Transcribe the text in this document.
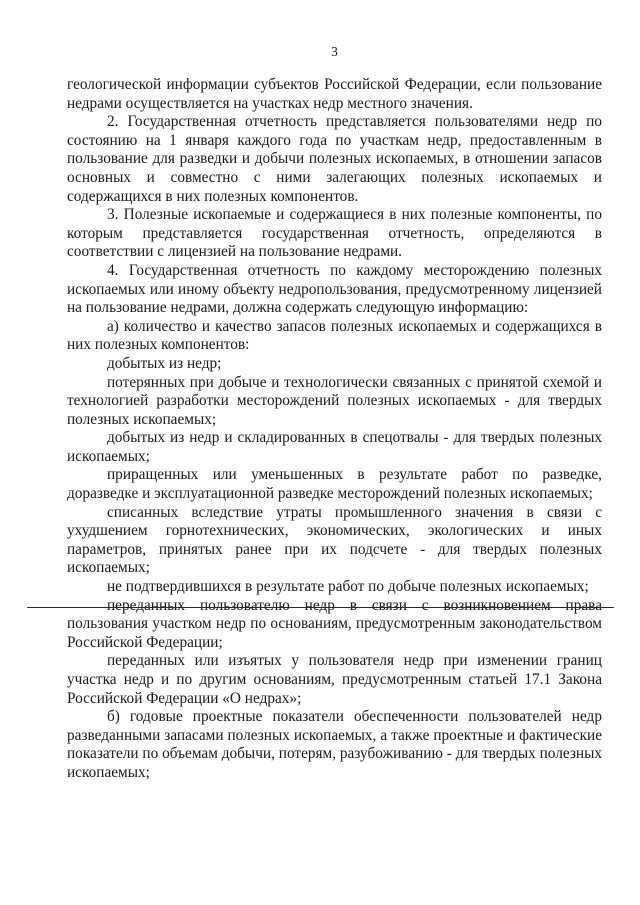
3

геологической информации субъектов Российской Федерации, если пользование недрами осуществляется на участках недр местного значения.

2. Государственная отчетность представляется пользователями недр по состоянию на 1 января каждого года по участкам недр, предоставленным в пользование для разведки и добычи полезных ископаемых, в отношении запасов основных и совместно с ними залегающих полезных ископаемых и содержащихся в них полезных компонентов.

3. Полезные ископаемые и содержащиеся в них полезные компоненты, по которым представляется государственная отчетность, определяются в соответствии с лицензией на пользование недрами.

4. Государственная отчетность по каждому месторождению полезных ископаемых или иному объекту недропользования, предусмотренному лицензией на пользование недрами, должна содержать следующую информацию:

а) количество и качество запасов полезных ископаемых и содержащихся в них полезных компонентов:

добытых из недр;

потерянных при добыче и технологически связанных с принятой схемой и технологией разработки месторождений полезных ископаемых - для твердых полезных ископаемых;

добытых из недр и складированных в спецотвалы - для твердых полезных ископаемых;

приращенных или уменьшенных в результате работ по разведке, доразведке и эксплуатационной разведке месторождений полезных ископаемых;

списанных вследствие утраты промышленного значения в связи с ухудшением горнотехнических, экономических, экологических и иных параметров, принятых ранее при их подсчете - для твердых полезных ископаемых;

не подтвердившихся в результате работ по добыче полезных ископаемых;

переданных пользователю недр в связи с возникновением права пользования участком недр по основаниям, предусмотренным законодательством Российской Федерации;

переданных или изъятых у пользователя недр при изменении границ участка недр и по другим основаниям, предусмотренным статьей 17.1 Закона Российской Федерации «О недрах»;

б) годовые проектные показатели обеспеченности пользователей недр разведанными запасами полезных ископаемых, а также проектные и фактические показатели по объемам добычи, потерям, разубоживанию - для твердых полезных ископаемых;
